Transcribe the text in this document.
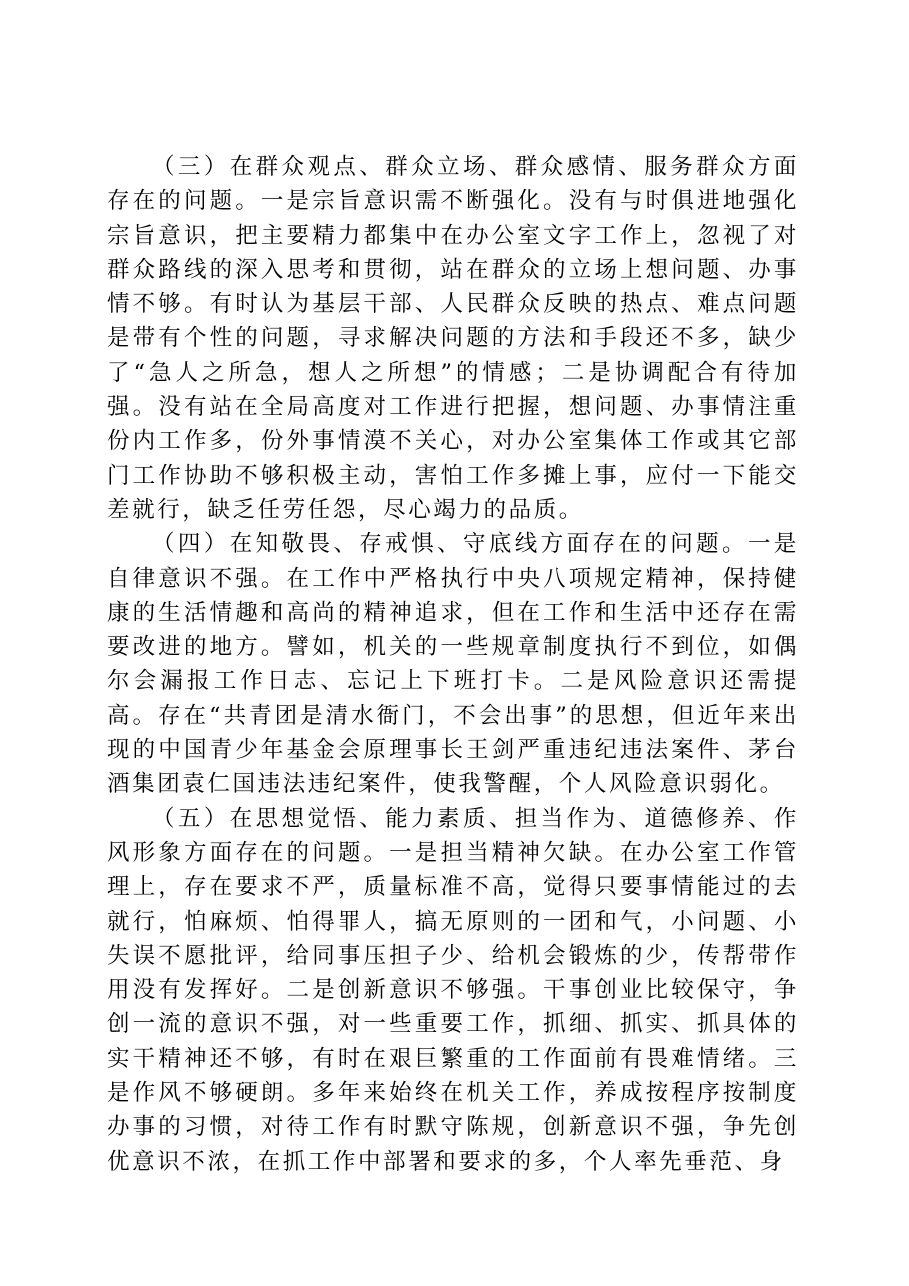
（三）在群众观点、群众立场、群众感情、服务群众方面存在的问题。一是宗旨意识需不断强化。没有与时俱进地强化宗旨意识，把主要精力都集中在办公室文字工作上，忽视了对群众路线的深入思考和贯彻，站在群众的立场上想问题、办事情不够。有时认为基层干部、人民群众反映的热点、难点问题是带有个性的问题，寻求解决问题的方法和手段还不多，缺少了“急人之所急，想人之所想”的情感；二是协调配合有待加强。没有站在全局高度对工作进行把握，想问题、办事情注重份内工作多，份外事情漠不关心，对办公室集体工作或其它部门工作协助不够积极主动，害怕工作多摊上事，应付一下能交差就行，缺乏任劳任怨，尽心竭力的品质。

（四）在知敬畏、存戒惧、守底线方面存在的问题。一是自律意识不强。在工作中严格执行中央八项规定精神，保持健康的生活情趣和高尚的精神追求，但在工作和生活中还存在需要改进的地方。譬如，机关的一些规章制度执行不到位，如偶尔会漏报工作日志、忘记上下班打卡。二是风险意识还需提高。存在“共青团是清水衙门，不会出事”的思想，但近年来出现的中国青少年基金会原理事长王剑严重违纪违法案件、茅台酒集团袁仁国违法违纪案件，使我警醒，个人风险意识弱化。

（五）在思想觉悟、能力素质、担当作为、道德修养、作风形象方面存在的问题。一是担当精神欠缺。在办公室工作管理上，存在要求不严，质量标准不高，觉得只要事情能过的去就行，怕麻烦、怕得罪人，搞无原则的一团和气，小问题、小失误不愿批评，给同事压担子少、给机会锻炼的少，传帮带作用没有发挥好。二是创新意识不够强。干事创业比较保守，争创一流的意识不强，对一些重要工作，抓细、抓实、抓具体的实干精神还不够，有时在艰巨繁重的工作面前有畏难情绪。三是作风不够硬朗。多年来始终在机关工作，养成按程序按制度办事的习惯，对待工作有时默守陈规，创新意识不强，争先创优意识不浓，在抓工作中部署和要求的多，个人率先垂范、身
